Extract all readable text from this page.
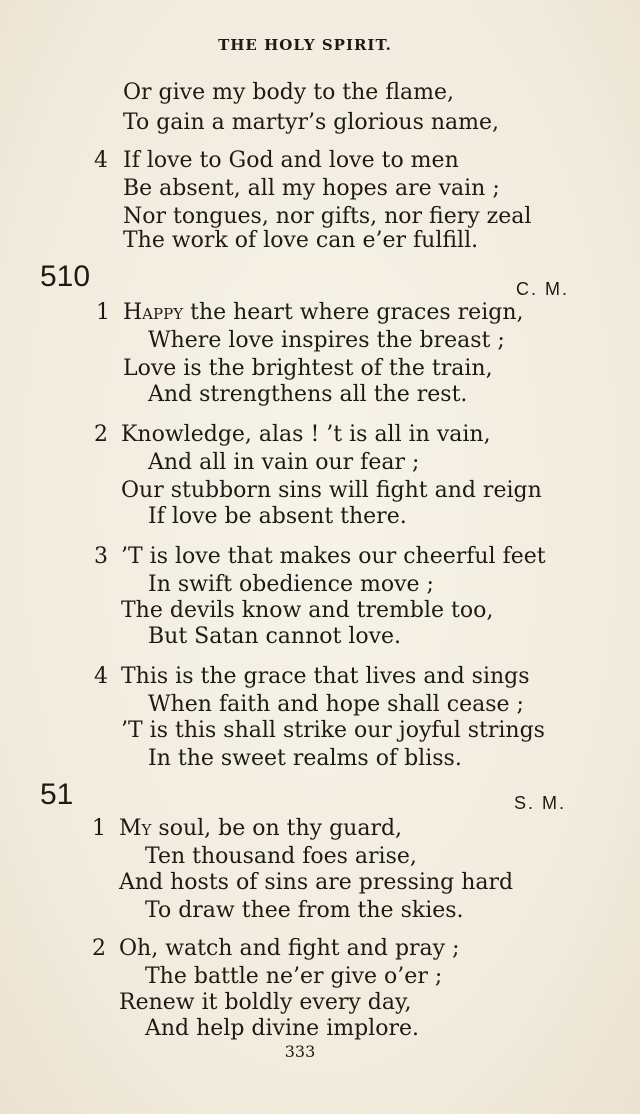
THE HOLY SPIRIT.
Or give my body to the flame,
To gain a martyr’s glorious name,
4 If love to God and love to men
Be absent, all my hopes are vain ;
Nor tongues, nor gifts, nor fiery zeal
The work of love can e’er fulfill.
510	C. M.
1 Happy the heart where graces reign,
Where love inspires the breast ;
Love is the brightest of the train,
And strengthens all the rest.
2 Knowledge, alas ! ’t is all in vain,
And all in vain our fear ;
Our stubborn sins will fight and reign
If love be absent there.
3 ’T is love that makes our cheerful feet
In swift obedience move ;
The devils know and tremble too,
But Satan cannot love.
4 This is the grace that lives and sings
When faith and hope shall cease ;
’T is this shall strike our joyful strings
In the sweet realms of bliss.
51	S. M.
1 My soul, be on thy guard,
Ten thousand foes arise,
And hosts of sins are pressing hard
To draw thee from the skies.
2 Oh, watch and fight and pray ;
The battle ne’er give o’er ;
Renew it boldly every day,
And help divine implore.
333
